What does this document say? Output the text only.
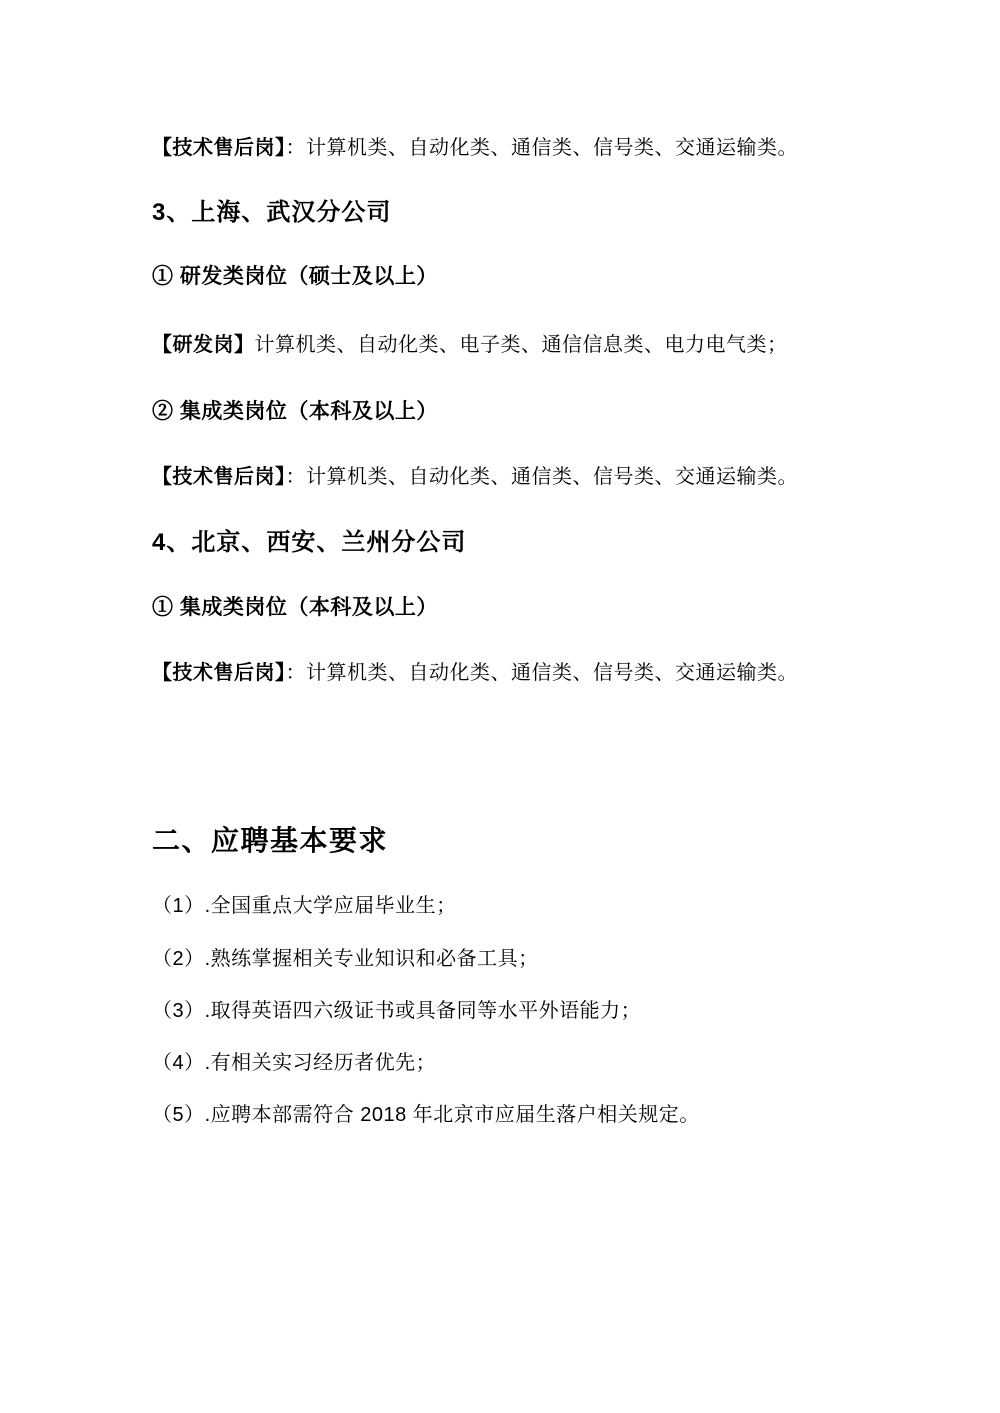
【技术售后岗】：计算机类、自动化类、通信类、信号类、交通运输类。
3、上海、武汉分公司
① 研发类岗位（硕士及以上）
【研发岗】计算机类、自动化类、电子类、通信信息类、电力电气类；
② 集成类岗位（本科及以上）
【技术售后岗】：计算机类、自动化类、通信类、信号类、交通运输类。
4、北京、西安、兰州分公司
① 集成类岗位（本科及以上）
【技术售后岗】：计算机类、自动化类、通信类、信号类、交通运输类。
二、应聘基本要求
（1）.全国重点大学应届毕业生；
（2）.熟练掌握相关专业知识和必备工具；
（3）.取得英语四六级证书或具备同等水平外语能力；
（4）.有相关实习经历者优先；
（5）.应聘本部需符合 2018 年北京市应届生落户相关规定。
